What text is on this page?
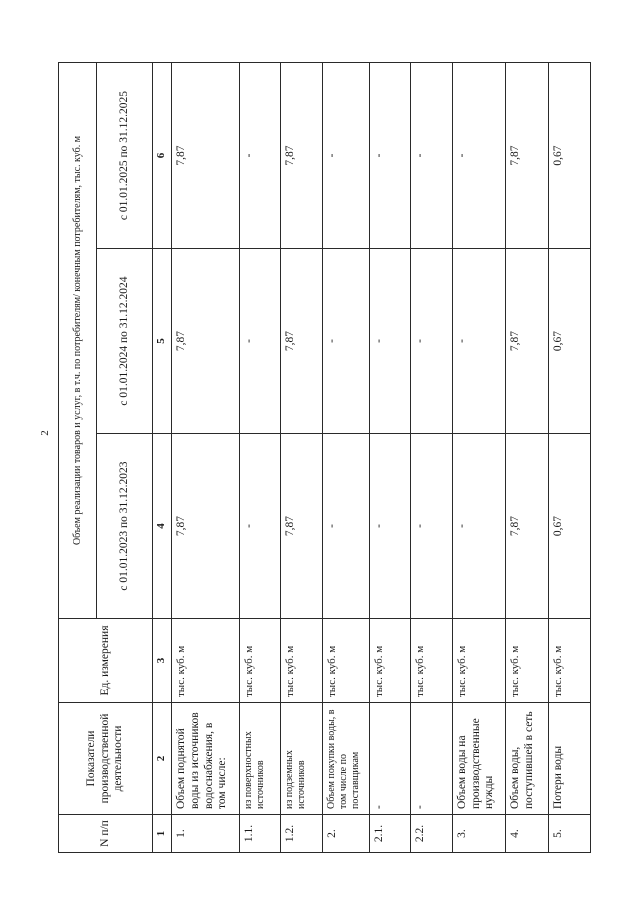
2
N п/п	Показатели производственной деятельности	Ед. измерения	Объем реализации товаров и услуг, в т.ч. по потребителям/ конечным потребителям, тыс. куб. м		
			с 01.01.2023 по 31.12.2023	с 01.01.2024 по 31.12.2024	с 01.01.2025 по 31.12.2025
1	2	3	4	5	6
1.	Объем поднятой воды из источников водоснабжения, в том числе:	тыс. куб. м	7,87	7,87	7,87
1.1.	из поверхностных источников	тыс. куб. м	-	-	-
1.2.	из подземных источников	тыс. куб. м	7,87	7,87	7,87
2.	Объем покупки воды, в том числе по поставщикам	тыс. куб. м	-	-	-
2.1.	-	тыс. куб. м	-	-	-
2.2.	-	тыс. куб. м	-	-	-
3.	Объем воды на производственные нужды	тыс. куб. м	-	-	-
4.	Объем воды, поступившей в сеть	тыс. куб. м	7,87	7,87	7,87
5.	Потери воды	тыс. куб. м	0,67	0,67	0,67
